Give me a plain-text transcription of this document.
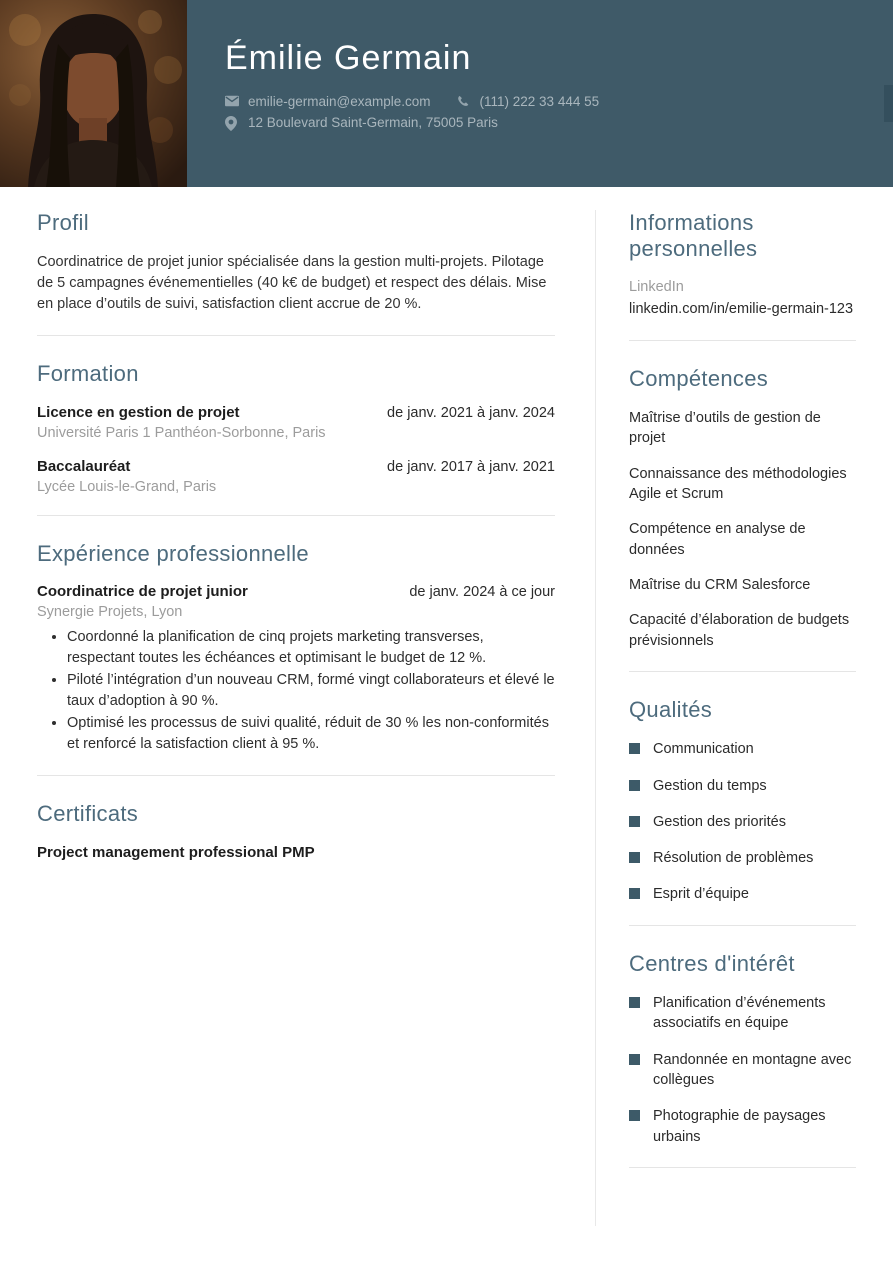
Émilie Germain
emilie-germain@example.com	(111) 222 33 444 55
12 Boulevard Saint-Germain, 75005 Paris
Profil

Coordinatrice de projet junior spécialisée dans la gestion multi-projets. Pilotage de 5 campagnes événementielles (40 k€ de budget) et respect des délais. Mise en place d’outils de suivi, satisfaction client accrue de 20 %.

Formation
Licence en gestion de projet	de janv. 2021 à janv. 2024
Université Paris 1 Panthéon-Sorbonne, Paris
Baccalauréat	de janv. 2017 à janv. 2021
Lycée Louis-le-Grand, Paris
Expérience professionnelle
Coordinatrice de projet junior	de janv. 2024 à ce jour
Synergie Projets, Lyon
• Coordonné la planification de cinq projets marketing transverses, respectant toutes les échéances et optimisant le budget de 12 %.
• Piloté l’intégration d’un nouveau CRM, formé vingt collaborateurs et élevé le taux d’adoption à 90 %.
• Optimisé les processus de suivi qualité, réduit de 30 % les non-conformités et renforcé la satisfaction client à 95 %.
Certificats
Project management professional PMP
Informations personnelles
LinkedIn
linkedin.com/in/emilie-germain-123
Compétences
Maîtrise d’outils de gestion de projet
Connaissance des méthodologies Agile et Scrum
Compétence en analyse de données
Maîtrise du CRM Salesforce
Capacité d’élaboration de budgets prévisionnels
Qualités
Communication
Gestion du temps
Gestion des priorités
Résolution de problèmes
Esprit d’équipe
Centres d'intérêt
Planification d’événements associatifs en équipe
Randonnée en montagne avec collègues
Photographie de paysages urbains
